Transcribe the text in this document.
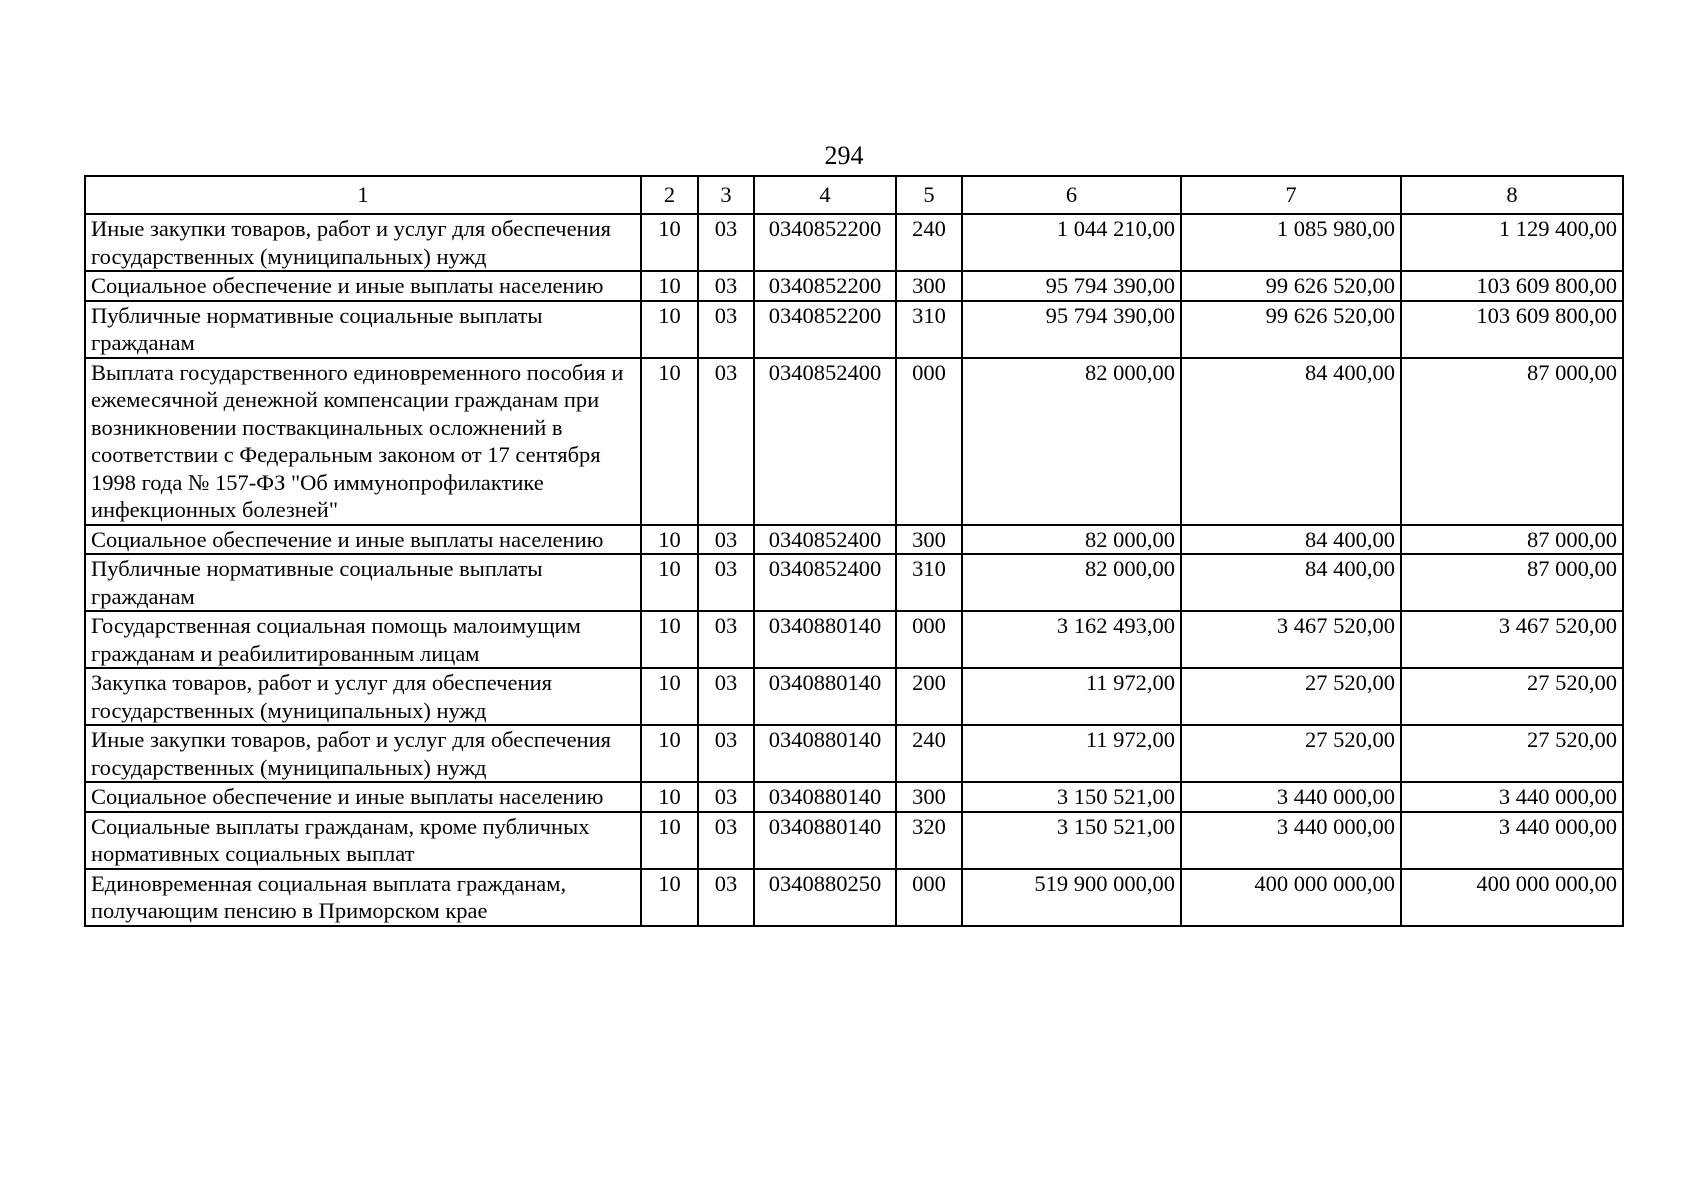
294
1	2	3	4	5	6	7	8
Иные закупки товаров, работ и услуг для обеспечения государственных (муниципальных) нужд	10	03	0340852200	240	1 044 210,00	1 085 980,00	1 129 400,00
Социальное обеспечение и иные выплаты населению	10	03	0340852200	300	95 794 390,00	99 626 520,00	103 609 800,00
Публичные нормативные социальные выплаты гражданам	10	03	0340852200	310	95 794 390,00	99 626 520,00	103 609 800,00
Выплата государственного единовременного пособия и ежемесячной денежной компенсации гражданам при возникновении поствакцинальных осложнений в соответствии с Федеральным законом от 17 сентября 1998 года № 157-ФЗ "Об иммунопрофилактике инфекционных болезней"	10	03	0340852400	000	82 000,00	84 400,00	87 000,00
Социальное обеспечение и иные выплаты населению	10	03	0340852400	300	82 000,00	84 400,00	87 000,00
Публичные нормативные социальные выплаты гражданам	10	03	0340852400	310	82 000,00	84 400,00	87 000,00
Государственная социальная помощь малоимущим гражданам и реабилитированным лицам	10	03	0340880140	000	3 162 493,00	3 467 520,00	3 467 520,00
Закупка товаров, работ и услуг для обеспечения государственных (муниципальных) нужд	10	03	0340880140	200	11 972,00	27 520,00	27 520,00
Иные закупки товаров, работ и услуг для обеспечения государственных (муниципальных) нужд	10	03	0340880140	240	11 972,00	27 520,00	27 520,00
Социальное обеспечение и иные выплаты населению	10	03	0340880140	300	3 150 521,00	3 440 000,00	3 440 000,00
Социальные выплаты гражданам, кроме публичных нормативных социальных выплат	10	03	0340880140	320	3 150 521,00	3 440 000,00	3 440 000,00
Единовременная социальная выплата гражданам, получающим пенсию в Приморском крае	10	03	0340880250	000	519 900 000,00	400 000 000,00	400 000 000,00
